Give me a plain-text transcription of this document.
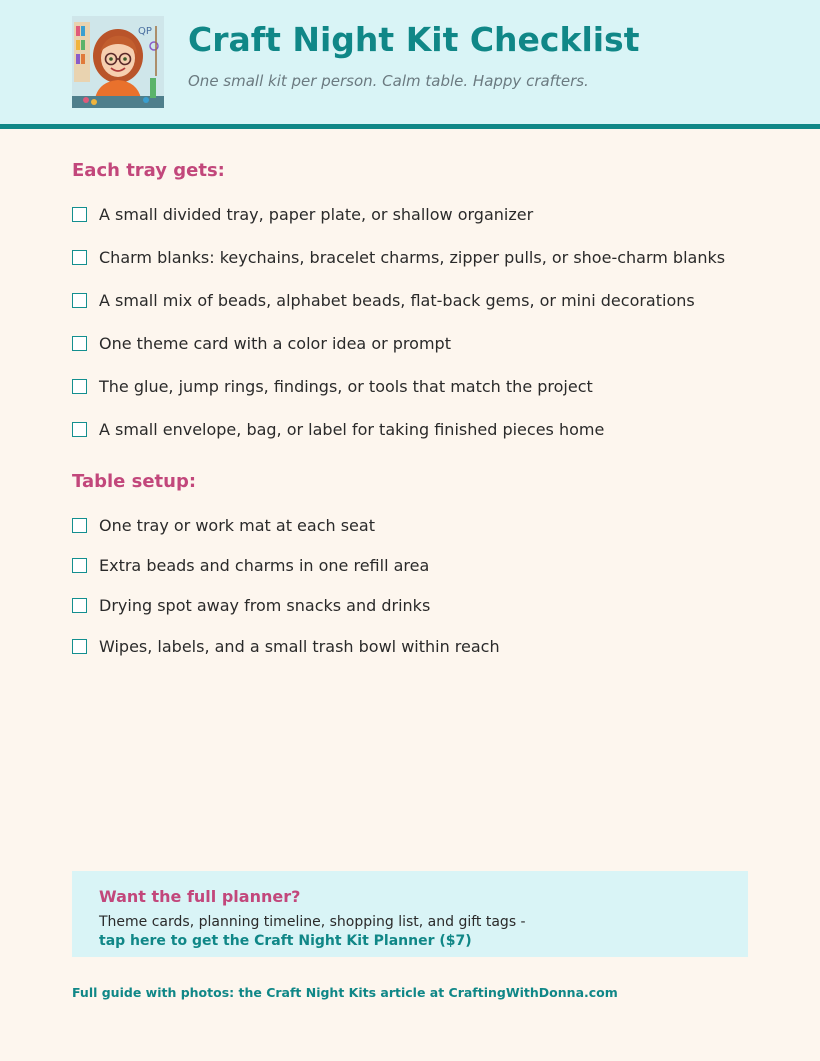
QP Craft Night Kit Checklist
One small kit per person. Calm table. Happy crafters.
Each tray gets:
A small divided tray, paper plate, or shallow organizer
Charm blanks: keychains, bracelet charms, zipper pulls, or shoe-charm blanks
A small mix of beads, alphabet beads, flat-back gems, or mini decorations
One theme card with a color idea or prompt
The glue, jump rings, findings, or tools that match the project
A small envelope, bag, or label for taking finished pieces home
Table setup:
One tray or work mat at each seat
Extra beads and charms in one refill area
Drying spot away from snacks and drinks
Wipes, labels, and a small trash bowl within reach
Want the full planner?
Theme cards, planning timeline, shopping list, and gift tags -
tap here to get the Craft Night Kit Planner ($7)
Full guide with photos: the Craft Night Kits article at CraftingWithDonna.com
